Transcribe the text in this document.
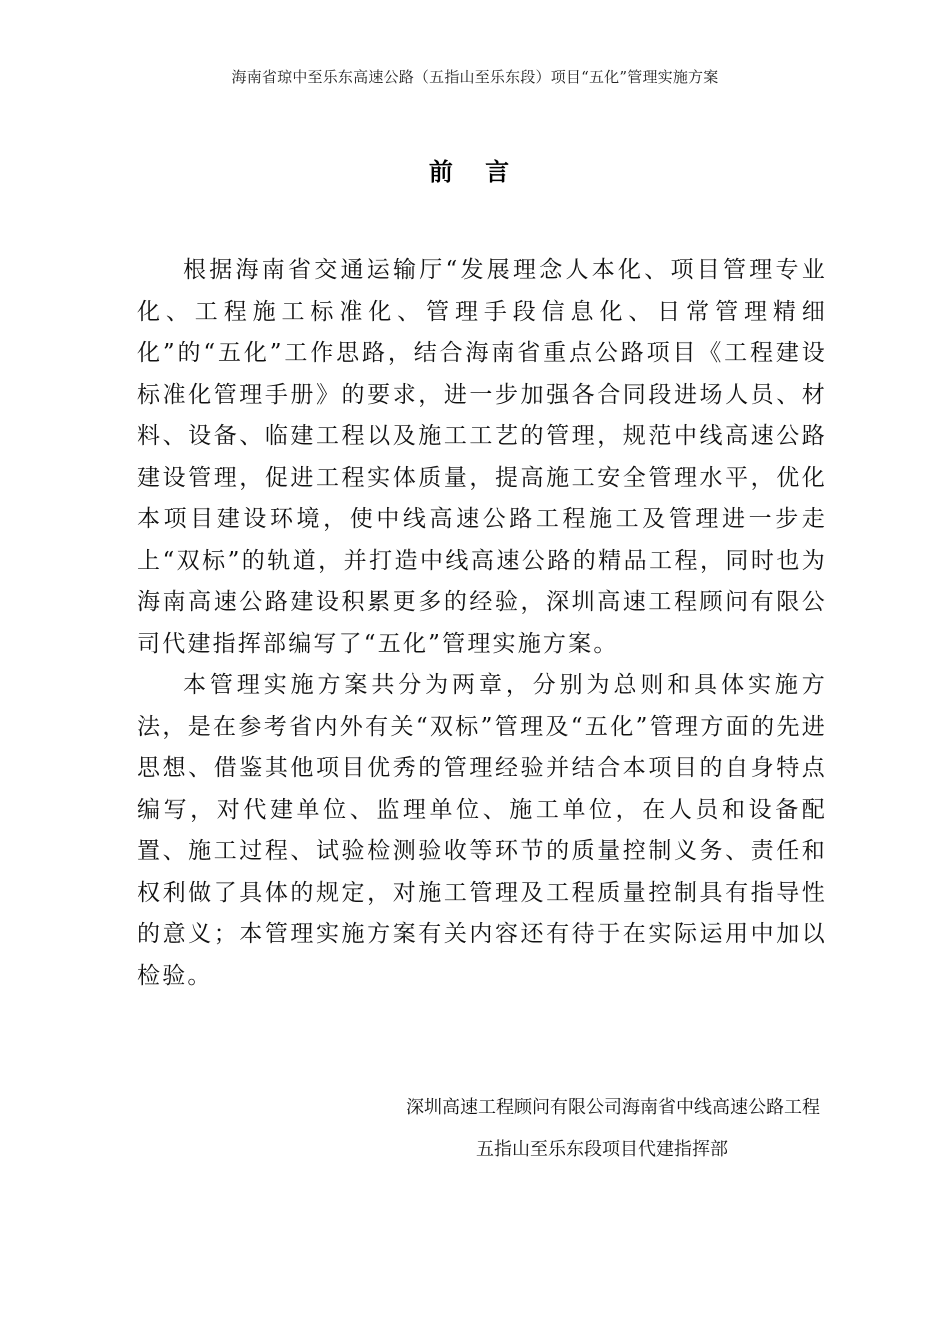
海南省琼中至乐东高速公路（五指山至乐东段）项目“五化”管理实施方案
前 言

根据海南省交通运输厅“发展理念人本化、项目管理专业化、工程施工标准化、管理手段信息化、日常管理精细化”的“五化”工作思路，结合海南省重点公路项目《工程建设标准化管理手册》的要求，进一步加强各合同段进场人员、材料、设备、临建工程以及施工工艺的管理，规范中线高速公路建设管理，促进工程实体质量，提高施工安全管理水平，优化本项目建设环境，使中线高速公路工程施工及管理进一步走上“双标”的轨道，并打造中线高速公路的精品工程，同时也为海南高速公路建设积累更多的经验，深圳高速工程顾问有限公司代建指挥部编写了“五化”管理实施方案。

本管理实施方案共分为两章，分别为总则和具体实施方法，是在参考省内外有关“双标”管理及“五化”管理方面的先进思想、借鉴其他项目优秀的管理经验并结合本项目的自身特点编写，对代建单位、监理单位、施工单位，在人员和设备配置、施工过程、试验检测验收等环节的质量控制义务、责任和权利做了具体的规定，对施工管理及工程质量控制具有指导性的意义；本管理实施方案有关内容还有待于在实际运用中加以检验。

深圳高速工程顾问有限公司海南省中线高速公路工程
五指山至乐东段项目代建指挥部
